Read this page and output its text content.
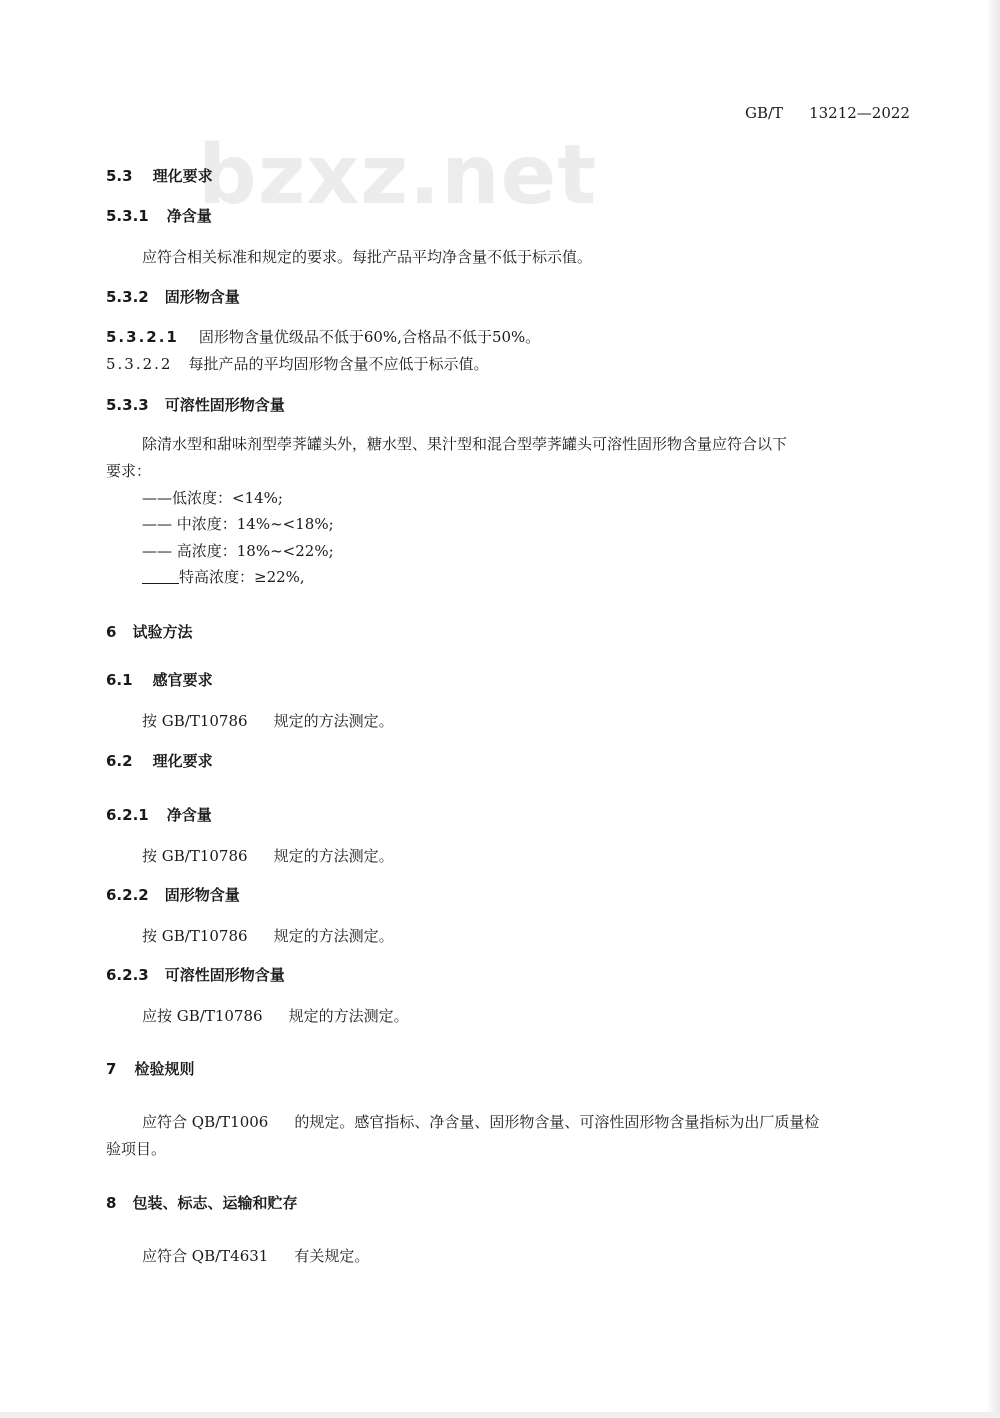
bzxz.net
GB/T 13212—2022
5.3 理化要求
5.3.1 净含量
应符合相关标准和规定的要求。每批产品平均净含量不低于标示值。
5.3.2 固形物含量
5.3.2.1 固形物含量优级品不低于60%,合格品不低于50%。
5.3.2.2 每批产品的平均固形物含量不应低于标示值。
5.3.3 可溶性固形物含量
除清水型和甜味剂型荸荠罐头外，糖水型、果汁型和混合型荸荠罐头可溶性固形物含量应符合以下
要求：
——低浓度：<14%;
—— 中浓度：14%~<18%;
—— 高浓度：18%~<22%;
特高浓度：≥22%,
6 试验方法
6.1 感官要求
按 GB/T10786 规定的方法测定。
6.2 理化要求
6.2.1 净含量
按 GB/T10786 规定的方法测定。
6.2.2 固形物含量
按 GB/T10786 规定的方法测定。
6.2.3 可溶性固形物含量
应按 GB/T10786 规定的方法测定。
7 检验规则
应符合 QB/T1006 的规定。感官指标、净含量、固形物含量、可溶性固形物含量指标为出厂质量检
验项目。
8 包装、标志、运输和贮存
应符合 QB/T4631 有关规定。
